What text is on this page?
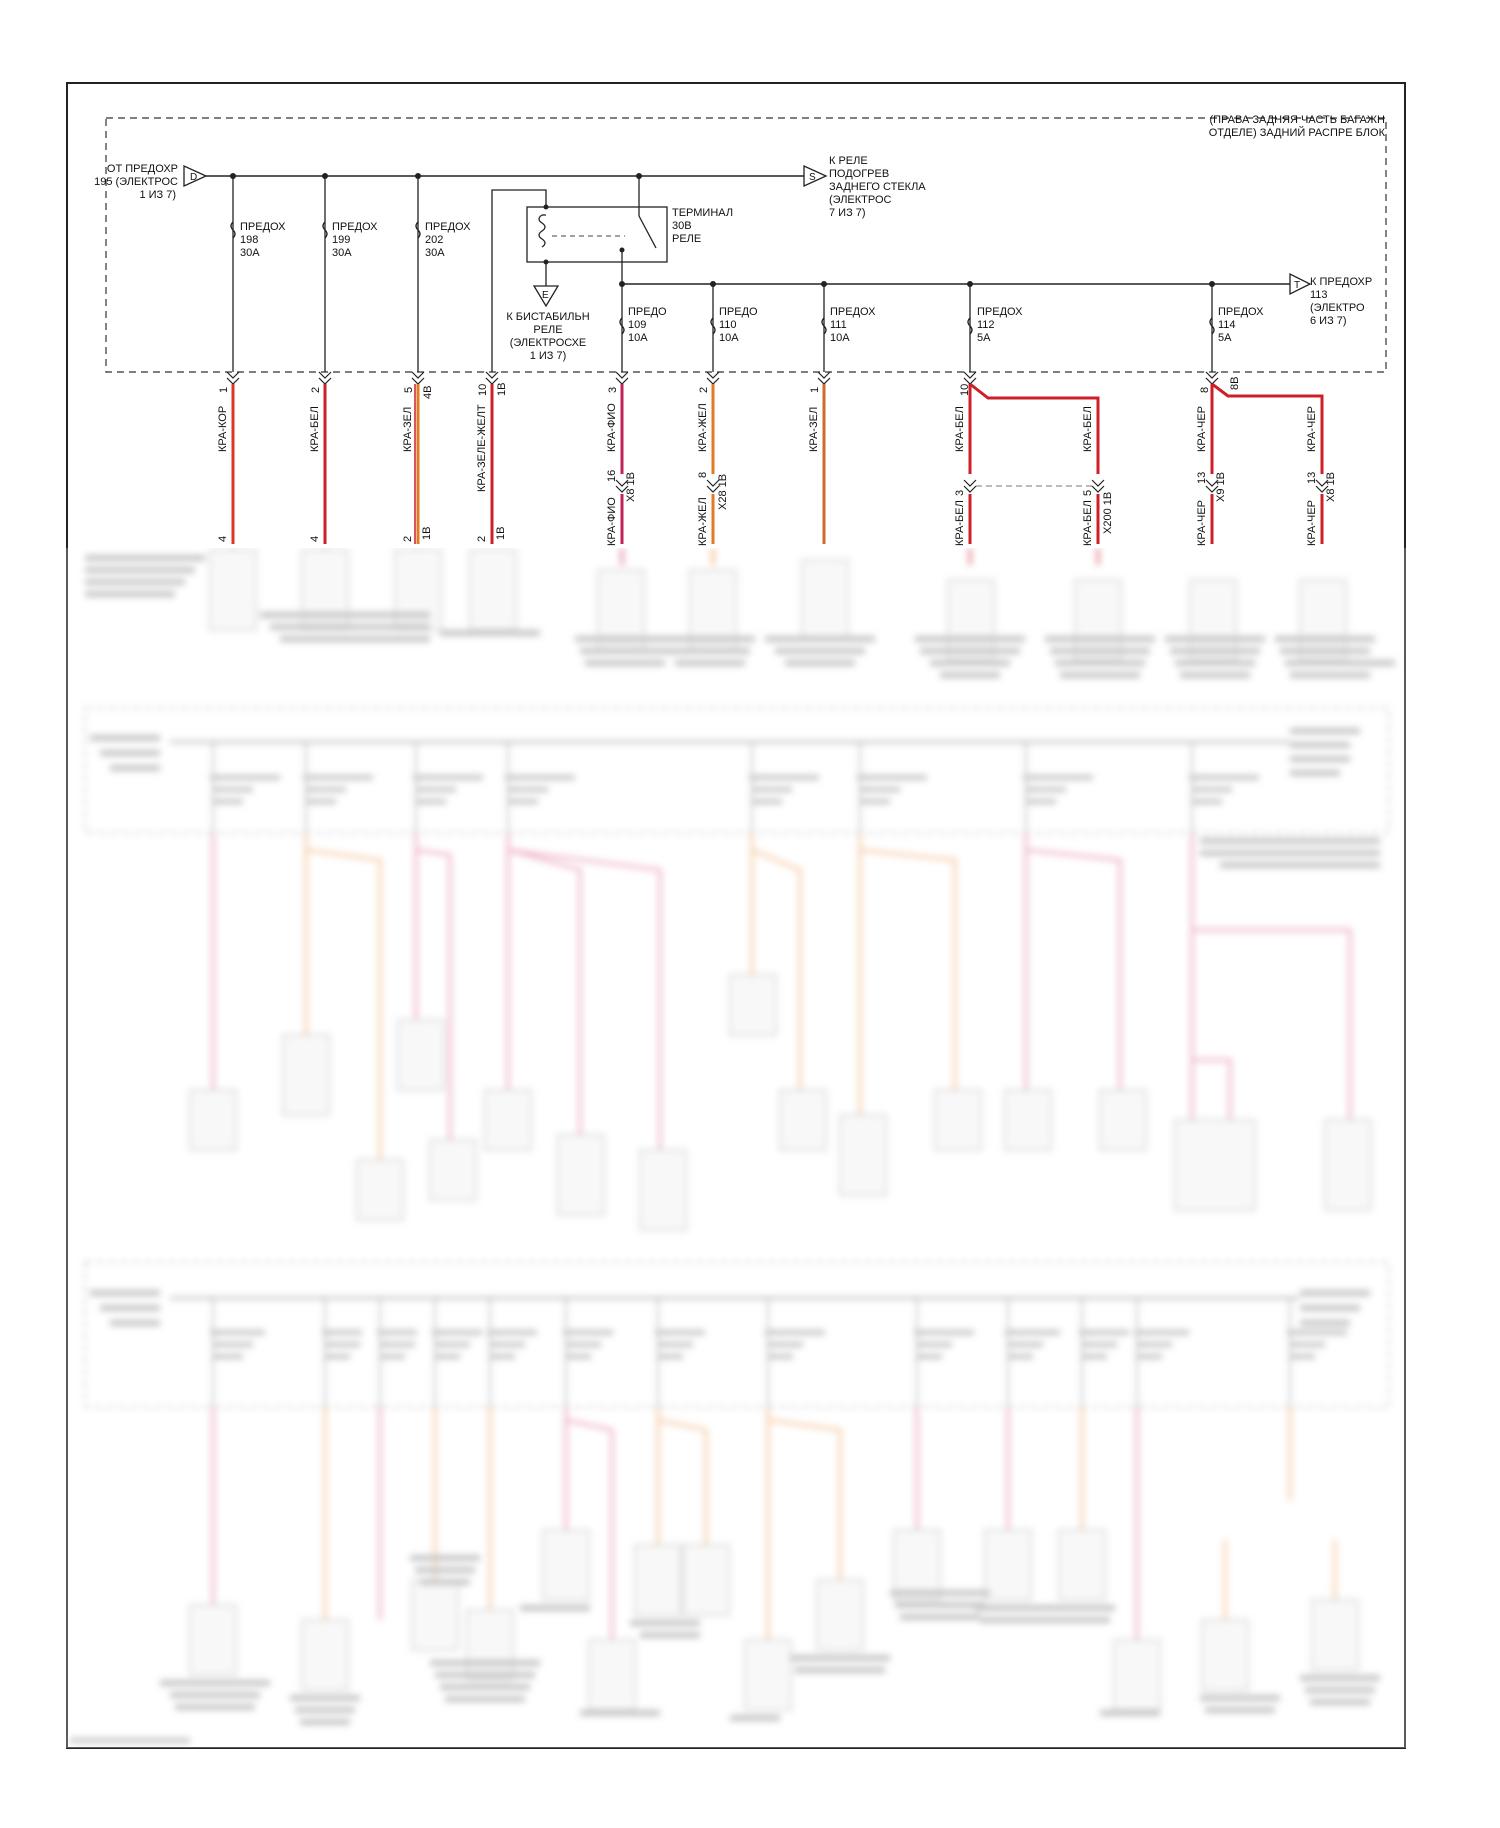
(ПРАВА ЗАДНЯЯ ЧАСТЬ БАГАЖН
ОТДЕЛЕ) ЗАДНИЙ РАСПРЕ БЛОК
ОТ ПРЕДОХР
195 (ЭЛЕКТРОС
1 ИЗ 7)
D	S
К РЕЛЕ
ПОДОГРЕВ
ЗАДНЕГО СТЕКЛА
(ЭЛЕКТРОС
7 ИЗ 7)
ПРЕДОХ
198
30A
ПРЕДОХ
199
30A
ПРЕДОХ
202
30A
ТЕРМИНАЛ
30В
РЕЛЕ
E
К БИСТАБИЛЬН
РЕЛЕ
(ЭЛЕКТРОСХЕ
1 ИЗ 7)
T К ПРЕДОХР
113
(ЭЛЕКТРО
6 ИЗ 7)
ПРЕДО
109
10A
ПРЕДО
110
10A
ПРЕДОХ
111
10A
ПРЕДОХ
112
5A
ПРЕДОХ
114
5A
1	2	5 4В	10 1В	3	2	1	10	8 8В
КРА-КОР	КРА-БЕЛ	КРА-ЗЕЛ	КРА-ЗЕЛЕ-ЖЕЛТ	КРА-ФИО	КРА-ЖЕЛ	КРА-ЗЕЛ	КРА-БЕЛ	КРА-БЕЛ	КРА-ЧЕР	КРА-ЧЕР
16 Х8 1В	8 Х28 1В	3	5 Х200 1В
13 Х9 1В	13 Х8 1В
КРА-ФИО	КРА-ЖЕЛ	КРА-БЕЛ	КРА-БЕЛ	КРА-ЧЕР	КРА-ЧЕР
4	4	2 1В	2 1В
